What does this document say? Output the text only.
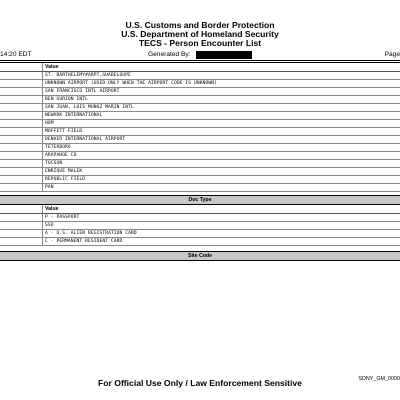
U.S. Customs and Border Protection
U.S. Department of Homeland Security
TECS - Person Encounter List
14:20 EDT	Generated By:	Page
Value
ST. BARTHELEMY#ARPT,GUADELOUPE
UNKNOWN AIRPORT (USED ONLY WHEN THE AIRPORT CODE IS UNKNOWN)
SAN FRANCISCO INTL AIRPORT
BEN GURION INTL
SAN JUAN, LUIS MUNOZ MARIN INTL
NEWARK INTERNATIONAL
HOM
MOFFETT FIELD
DENVER INTERNATIONAL AIRPORT
TETERBORO
ARAPAHOE CO
TUCSON
ENRIQUE MALEK
REPUBLIC FIELD
PAN
Doc Type
Value
P - PASSPORT
SSO
A - U.S. ALIEN REGISTRATION CARD
C - PERMANENT RESIDENT CARD
Site Code
SDNY_GM_0000
For Official Use Only / Law Enforcement Sensitive
